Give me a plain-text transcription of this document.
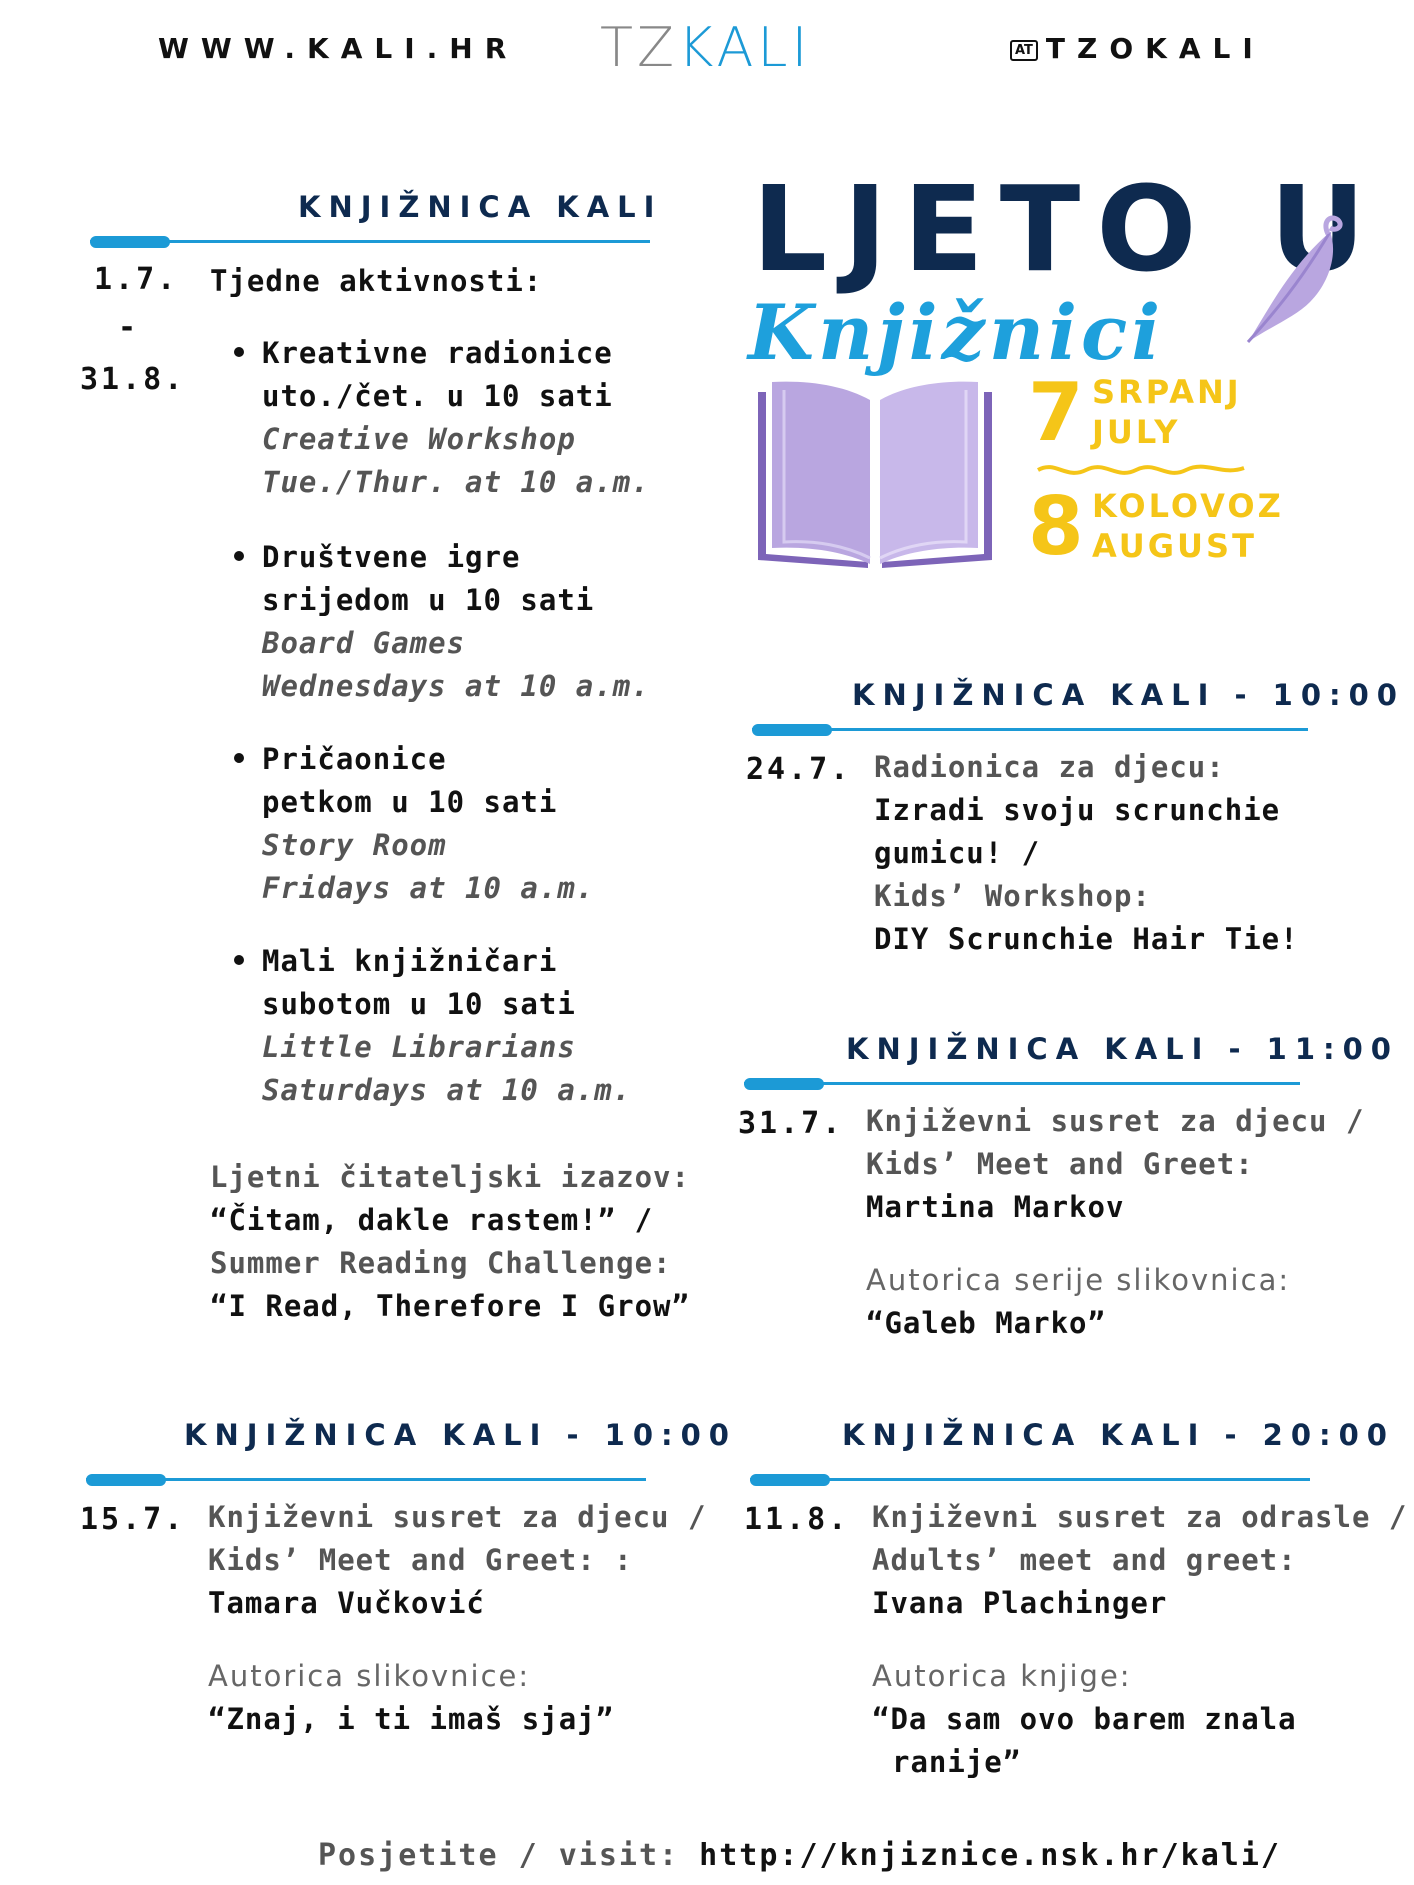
WWW.KALI.HR TZKALI	AT TZOKALI
LJETO U
Knjižnici
7 SRPANJ
JULY
8 KOLOVOZ
AUGUST
KNJIŽNICA KALI
1.7.
-
31.8.
Tjedne aktivnosti:
Kreativne radionice
uto./čet. u 10 sati
Creative Workshop
Tue./Thur. at 10 a.m.
Društvene igre
srijedom u 10 sati
Board Games
Wednesdays at 10 a.m.
Pričaonice
petkom u 10 sati
Story Room
Fridays at 10 a.m.
Mali knjižničari
subotom u 10 sati
Little Librarians
Saturdays at 10 a.m.
Ljetni čitateljski izazov:
“Čitam, dakle rastem!” /
Summer Reading Challenge:
“I Read, Therefore I Grow”
KNJIŽNICA KALI - 10:00
24.7. Radionica za djecu:
Izradi svoju scrunchie
gumicu! /
Kids’ Workshop:
DIY Scrunchie Hair Tie!
KNJIŽNICA KALI - 11:00
31.7. Književni susret za djecu /
Kids’ Meet and Greet:
Martina Markov
Autorica serije slikovnica:
“Galeb Marko”
KNJIŽNICA KALI - 10:00
15.7. Književni susret za djecu /
Kids’ Meet and Greet: :
Tamara Vučković
Autorica slikovnice:
“Znaj, i ti imaš sjaj”
KNJIŽNICA KALI - 20:00
11.8. Književni susret za odrasle /
Adults’ meet and greet:
Ivana Plachinger
Autorica knjige:
“Da sam ovo barem znala
ranije”
Posjetite / visit: http://knjiznice.nsk.hr/kali/
